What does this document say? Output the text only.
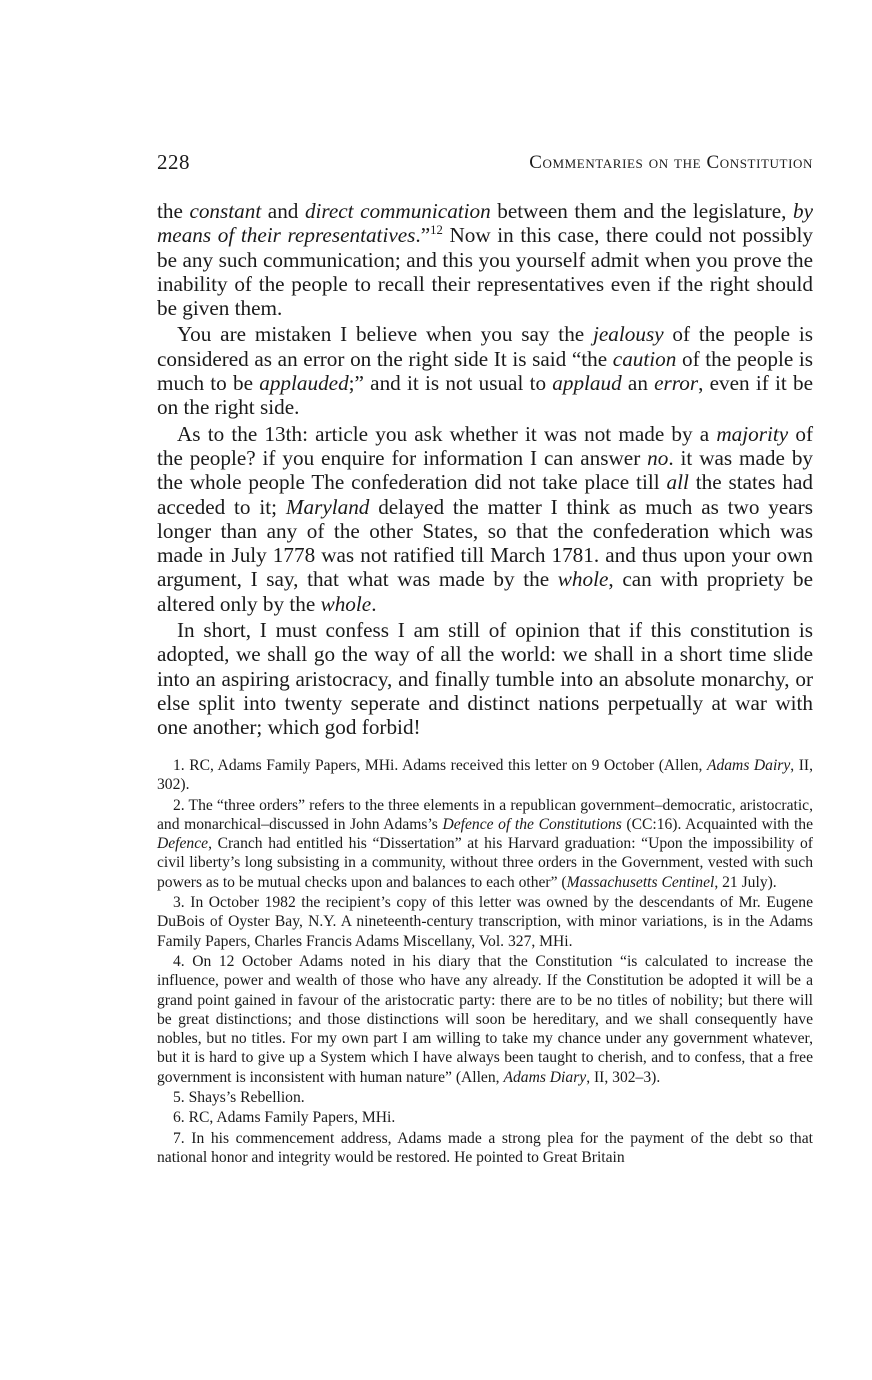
228	Commentaries on the Constitution

the constant and direct communication between them and the legislature, by means of their representatives.”$^{12}$ Now in this case, there could not possibly be any such communication; and this you yourself admit when you prove the inability of the people to recall their representatives even if the right should be given them.

You are mistaken I believe when you say the jealousy of the people is considered as an error on the right side It is said “the caution of the people is much to be applauded;” and it is not usual to applaud an error, even if it be on the right side.

As to the 13th: article you ask whether it was not made by a majority of the people? if you enquire for information I can answer no. it was made by the whole people The confederation did not take place till all the states had acceded to it; Maryland delayed the matter I think as much as two years longer than any of the other States, so that the confederation which was made in July 1778 was not ratified till March 1781. and thus upon your own argument, I say, that what was made by the whole, can with propriety be altered only by the whole.

In short, I must confess I am still of opinion that if this constitution is adopted, we shall go the way of all the world: we shall in a short time slide into an aspiring aristocracy, and finally tumble into an absolute monarchy, or else split into twenty seperate and distinct nations perpetually at war with one another; which god forbid!

1. RC, Adams Family Papers, MHi. Adams received this letter on 9 October (Allen, Adams Dairy, II, 302).

2. The “three orders” refers to the three elements in a republican government–democratic, aristocratic, and monarchical–discussed in John Adams’s Defence of the Constitutions (CC:16). Acquainted with the Defence, Cranch had entitled his “Dissertation” at his Harvard graduation: “Upon the impossibility of civil liberty’s long subsisting in a community, without three orders in the Government, vested with such powers as to be mutual checks upon and balances to each other” (Massachusetts Centinel, 21 July).

3. In October 1982 the recipient’s copy of this letter was owned by the descendants of Mr. Eugene DuBois of Oyster Bay, N.Y. A nineteenth-century transcription, with minor variations, is in the Adams Family Papers, Charles Francis Adams Miscellany, Vol. 327, MHi.

4. On 12 October Adams noted in his diary that the Constitution “is calculated to increase the influence, power and wealth of those who have any already. If the Constitution be adopted it will be a grand point gained in favour of the aristocratic party: there are to be no titles of nobility; but there will be great distinctions; and those distinctions will soon be hereditary, and we shall consequently have nobles, but no titles. For my own part I am willing to take my chance under any government whatever, but it is hard to give up a System which I have always been taught to cherish, and to confess, that a free government is inconsistent with human nature” (Allen, Adams Diary, II, 302–3).

5. Shays’s Rebellion.

6. RC, Adams Family Papers, MHi.

7. In his commencement address, Adams made a strong plea for the payment of the debt so that national honor and integrity would be restored. He pointed to Great Britain
